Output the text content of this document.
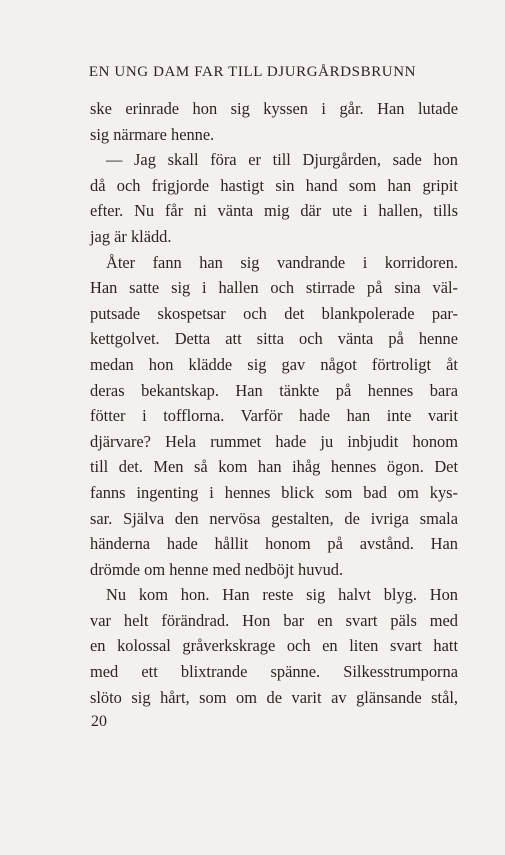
EN UNG DAM FAR TILL DJURGÅRDSBRUNN
ske erinrade hon sig kyssen i går. Han lutade
sig närmare henne.
— Jag skall föra er till Djurgården, sade hon
då och frigjorde hastigt sin hand som han gripit
efter. Nu får ni vänta mig där ute i hallen, tills
jag är klädd.
Åter fann han sig vandrande i korridoren.
Han satte sig i hallen och stirrade på sina väl-
putsade skospetsar och det blankpolerade par-
kettgolvet. Detta att sitta och vänta på henne
medan hon klädde sig gav något förtroligt åt
deras bekantskap. Han tänkte på hennes bara
fötter i tofflorna. Varför hade han inte varit
djärvare? Hela rummet hade ju inbjudit honom
till det. Men så kom han ihåg hennes ögon. Det
fanns ingenting i hennes blick som bad om kys-
sar. Själva den nervösa gestalten, de ivriga smala
händerna hade hållit honom på avstånd. Han
drömde om henne med nedböjt huvud.
Nu kom hon. Han reste sig halvt blyg. Hon
var helt förändrad. Hon bar en svart päls med
en kolossal gråverkskrage och en liten svart hatt
med ett blixtrande spänne. Silkesstrumporna
slöto sig hårt, som om de varit av glänsande stål,
20
